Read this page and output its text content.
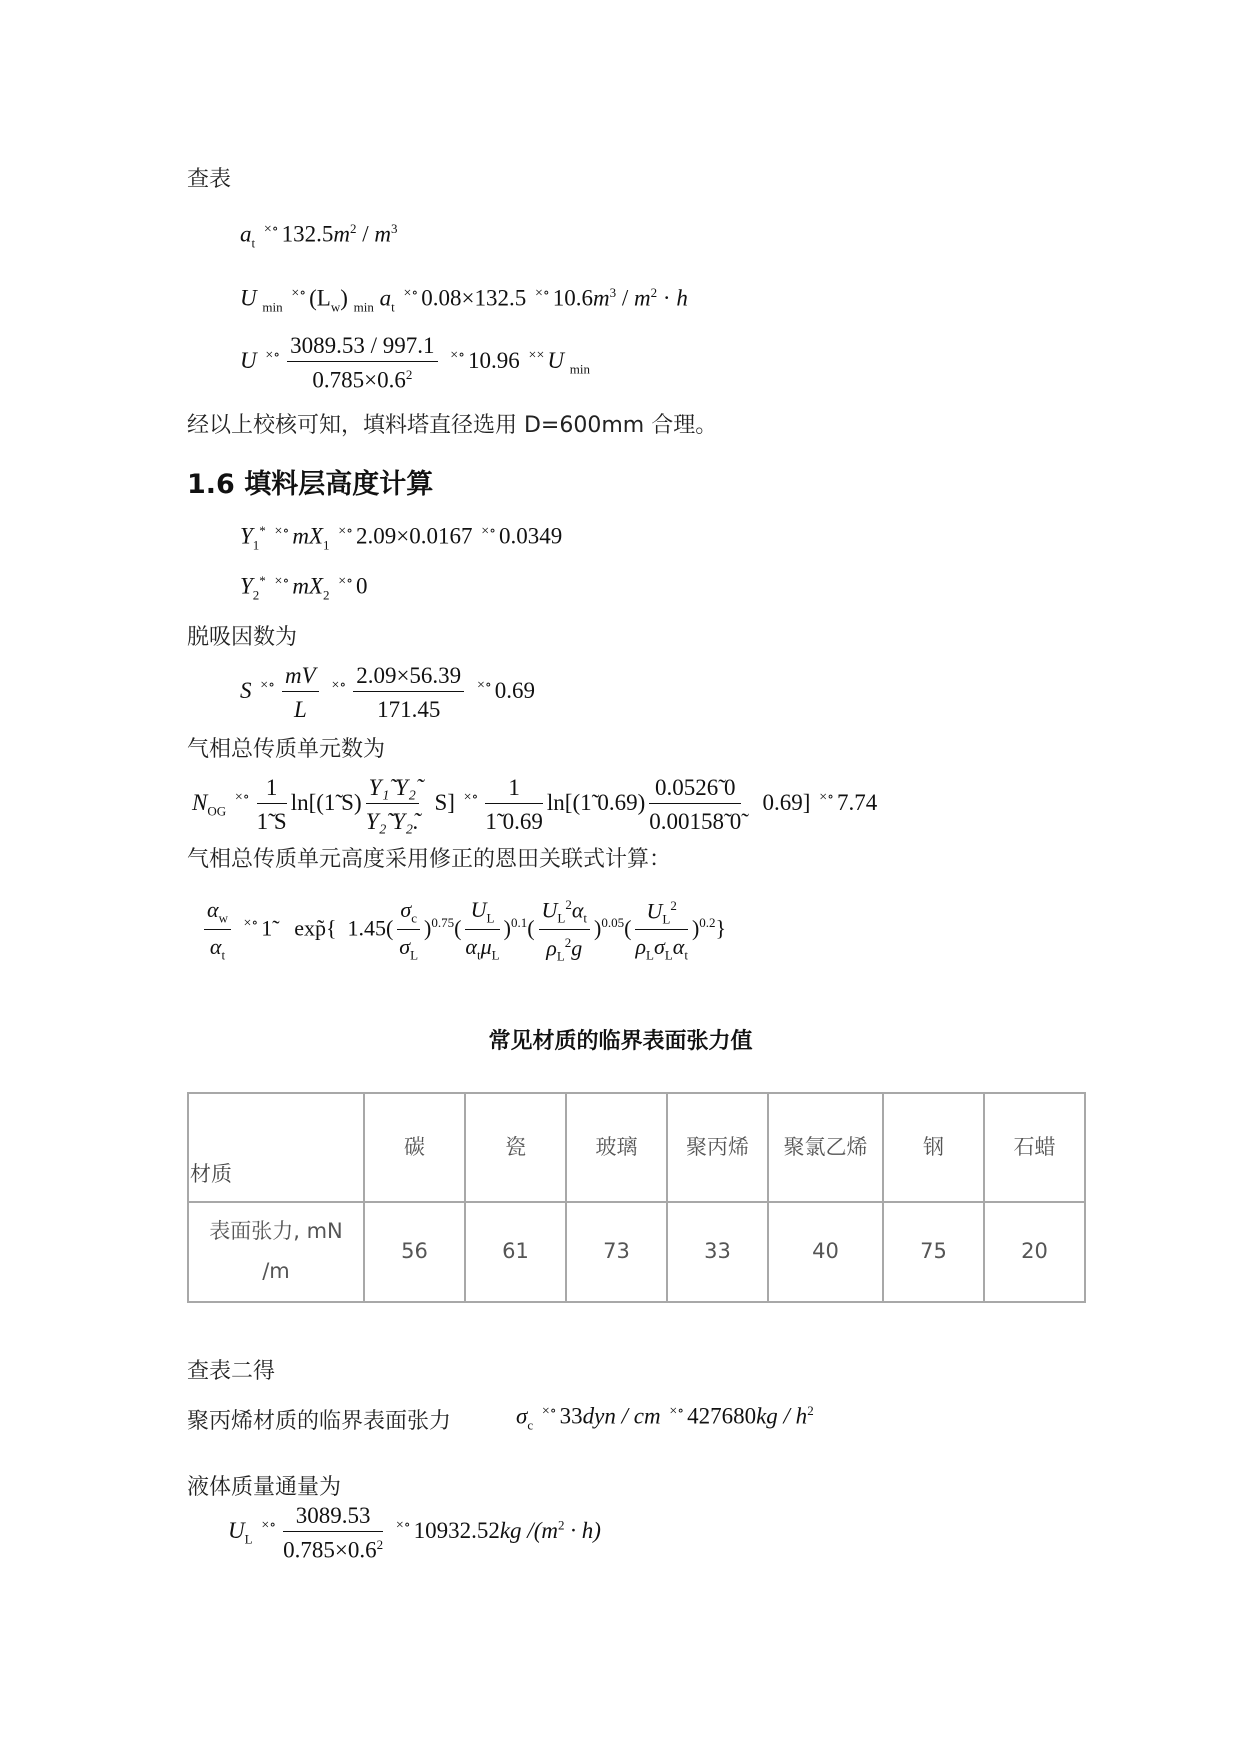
查表
$a_t$ ×∘ $132.5m^2 / m^3$
U $_{min}$ ×∘ $(L_w)$ $_{min}$ $a_t$ ×∘ 0.08×132.5 ×∘ $10.6m^3 / m^2 \cdot h$
U $^{\times\circ} \frac{3089.53 / 997.1}{0.785\times 0.6^2} ^{\times\circ}$ 10.96 ×× U $_{min}$
经以上校核可知，填料塔直径选用 D=600mm 合理。
1.6 填料层高度计算
$Y_1^*$ ×∘ $mX_1$ ×∘ 2.09×0.0167 ×∘ 0.0349
$Y_2^*$ ×∘ $mX_2$ ×∘ 0
脱吸因数为
S $^{\times\circ} \frac{mV}{L} ^{\times\circ} \frac{2.09\times 56.39}{171.45} ^{\times\circ}$ 0.69
气相总传质单元数为
$N_{OG}$ $^{\times\circ} \frac{1}{1̃ S}$ ln[(1̃ $S) \frac{\text{Y₁̃ Y₂̃}}{\text{Y₂̃ Y₂̃.}} S$] $^{\times\circ} \frac{1}{1̃ 0.69}$ ln[(1̃ $0.69) \frac{0.0526̃ 0}{0.00158̃ 0̃} 0.69$] ×∘ 7.74
气相总传质单元高度采用修正的恩田关联式计算：
$\frac{\alpha_w}{\alpha_t} ^{\times\circ}$ 1̃ exp̃{ $1.45( \frac{\sigma_c}{\sigma_L} )^{0.75}( \frac{U_L}{\alpha_t\mu_L} )^{0.1}( \frac{U_L^2\alpha_t}{\rho_L^2g} )^{0.05}( \frac{U_L^2}{\rho_L\sigma_L\alpha_t} )^{0.2}$}
常见材质的临界表面张力值
材质	碳	瓷	玻璃	聚丙烯	聚氯乙烯	钢	石蜡
表面张力, mN /m	56	61	73	33	40	75	20
查表二得
聚丙烯材质的临界表面张力	$\sigma_c$ ×∘ 33dyn / cm ×∘ $427680kg / h^2$
液体质量通量为
$U_L$ $^{\times\circ} \frac{3089.53}{0.785\times 0.6^2} ^{\times\circ}$ 10932.52kg $/(m^2 \cdot h)$
